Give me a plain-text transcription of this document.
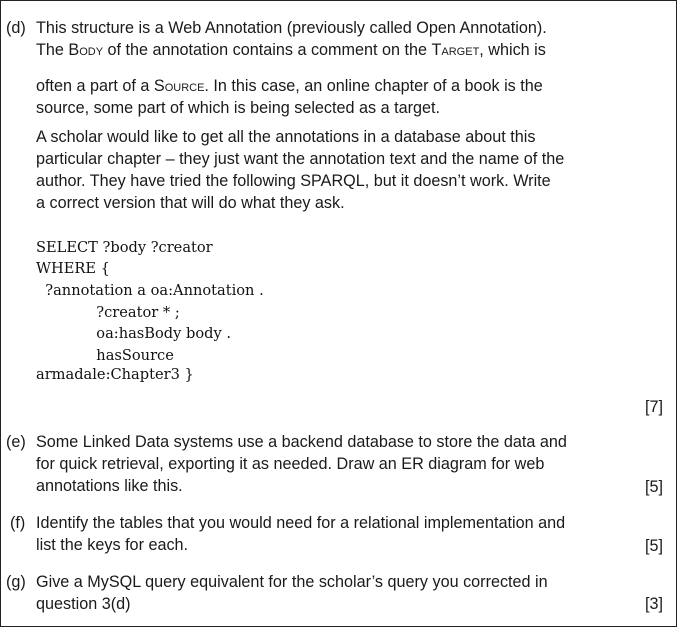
(d) This structure is a Web Annotation (previously called Open Annotation).
The Body of the annotation contains a comment on the Target, which is
often a part of a Source. In this case, an online chapter of a book is the
source, some part of which is being selected as a target.
A scholar would like to get all the annotations in a database about this
particular chapter – they just want the annotation text and the name of the
author. They have tried the following SPARQL, but it doesn’t work. Write
a correct version that will do what they ask.
SELECT ?body ?creator
WHERE {
?annotation a oa:Annotation .
?creator * ;
oa:hasBody body .
hasSource
armadale:Chapter3 }
[7]
(e) Some Linked Data systems use a backend database to store the data and
for quick retrieval, exporting it as needed. Draw an ER diagram for web
annotations like this.	[5]
(f) Identify the tables that you would need for a relational implementation and
list the keys for each.	[5]
(g) Give a MySQL query equivalent for the scholar’s query you corrected in
question 3(d)	[3]
